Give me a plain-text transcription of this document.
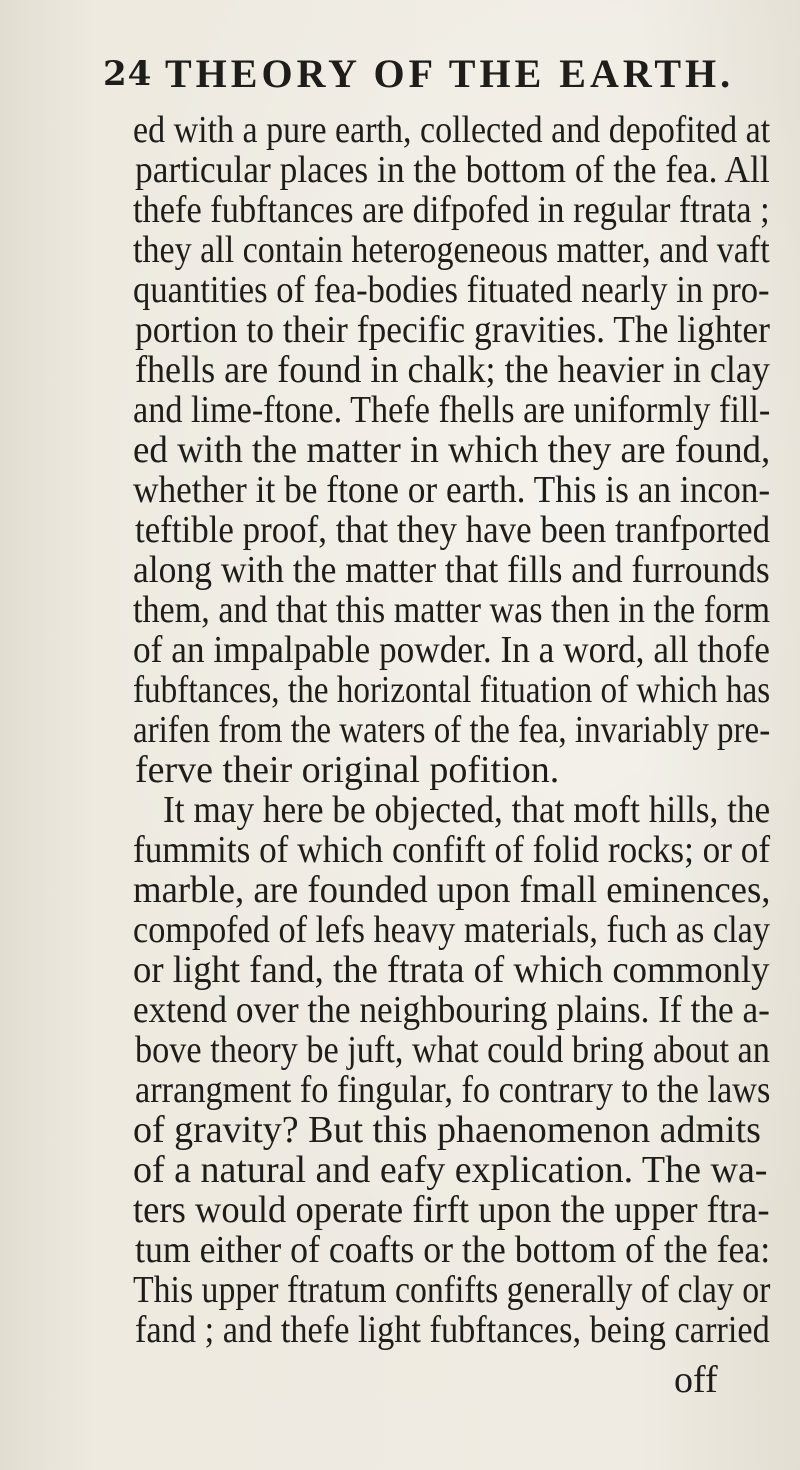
24 THEORY OF THE EARTH.
ed with a pure earth, collected and depofited at
particular places in the bottom of the fea. All
thefe fubftances are difpofed in regular ftrata ;
they all contain heterogeneous matter, and vaft
quantities of fea-bodies fituated nearly in pro-
portion to their fpecific gravities. The lighter
fhells are found in chalk; the heavier in clay
and lime-ftone. Thefe fhells are uniformly fill-
ed with the matter in which they are found,
whether it be ftone or earth. This is an incon-
teftible proof, that they have been tranfported
along with the matter that fills and furrounds
them, and that this matter was then in the form
of an impalpable powder. In a word, all thofe
fubftances, the horizontal fituation of which has
arifen from the waters of the fea, invariably pre-
ferve their original pofition.
It may here be objected, that moft hills, the
fummits of which confift of folid rocks; or of
marble, are founded upon fmall eminences,
compofed of lefs heavy materials, fuch as clay
or light fand, the ftrata of which commonly
extend over the neighbouring plains. If the a-
bove theory be juft, what could bring about an
arrangment fo fingular, fo contrary to the laws
of gravity? But this phaenomenon admits
of a natural and eafy explication. The wa-
ters would operate firft upon the upper ftra-
tum either of coafts or the bottom of the fea:
This upper ftratum confifts generally of clay or
fand ; and thefe light fubftances, being carried
off
